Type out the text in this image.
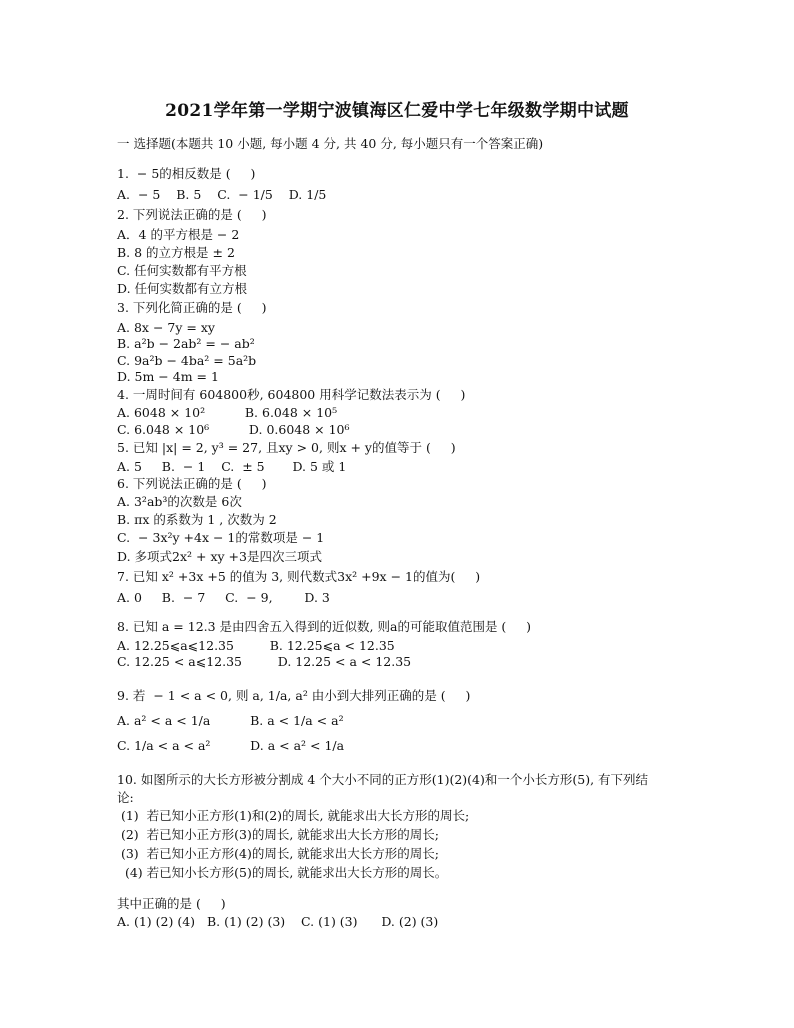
2021学年第一学期宁波镇海区仁爱中学七年级数学期中试题
一 选择题(本题共 10 小题, 每小题 4 分, 共 40 分, 每小题只有一个答案正确)
1.  − 5的相反数是 (     )
A.  − 5    B. 5    C.  − 1/5    D. 1/5
2. 下列说法正确的是 (     )
A．4 的平方根是 − 2
B. 8 的立方根是 ± 2
C. 任何实数都有平方根
D. 任何实数都有立方根
3. 下列化简正确的是 (     )
A. 8x − 7y = xy
B. a²b − 2ab² = − ab²
C. 9a²b − 4ba² = 5a²b
D. 5m − 4m = 1
4. 一周时间有 604800秒, 604800 用科学记数法表示为 (     )
A. 6048 × 10²          B. 6.048 × 10⁵
C. 6.048 × 10⁶          D. 0.6048 × 10⁶
5. 已知 |x| = 2, y³ = 27, 且xy > 0, 则x + y的值等于 (     )
A. 5     B.  − 1    C.  ± 5       D. 5 或 1
6. 下列说法正确的是 (     )
A. 3²ab³的次数是 6次
B. πx 的系数为 1 , 次数为 2
C.  − 3x²y +4x − 1的常数项是 − 1
D. 多项式2x² + xy +3是四次三项式
7. 已知 x² +3x +5 的值为 3, 则代数式3x² +9x − 1的值为(     )
A. 0     B.  − 7     C.  − 9,        D. 3
8. 已知 a = 12.3 是由四舍五入得到的近似数, 则a的可能取值范围是 (     )
A. 12.25⩽a⩽12.35         B. 12.25⩽a < 12.35
C. 12.25 < a⩽12.35         D. 12.25 < a < 12.35
9. 若  − 1 < a < 0, 则 a, 1/a, a² 由小到大排列正确的是 (     )
A. a² < a < 1/a          B. a < 1/a < a²
C. 1/a < a < a²          D. a < a² < 1/a
10. 如图所示的大长方形被分割成 4 个大小不同的正方形(1)(2)(4)和一个小长方形(5), 有下列结
论:
(1)  若已知小正方形(1)和(2)的周长, 就能求出大长方形的周长;
(2)  若已知小正方形(3)的周长, 就能求出大长方形的周长;
(3)  若已知小正方形(4)的周长, 就能求出大长方形的周长;
(4) 若已知小长方形(5)的周长, 就能求出大长方形的周长。
其中正确的是 (     )
A. (1) (2) (4)   B. (1) (2) (3)    C. (1) (3)      D. (2) (3)
